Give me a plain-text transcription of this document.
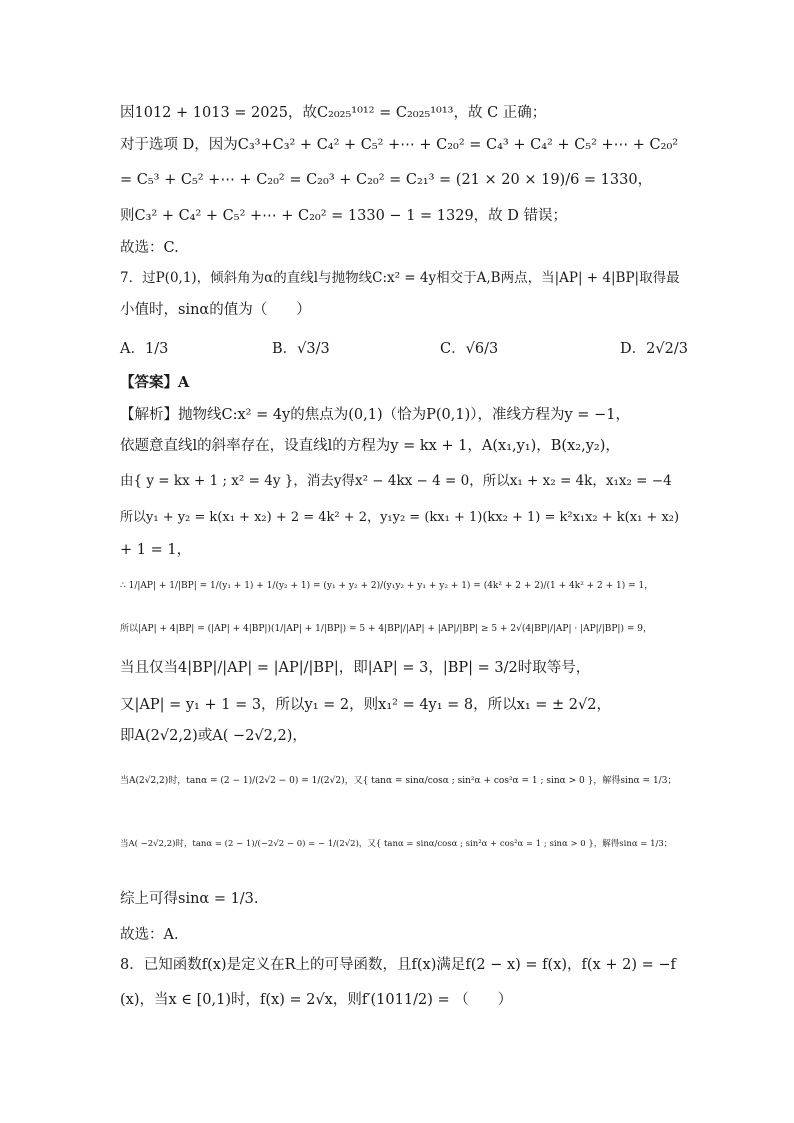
因1012 + 1013 = 2025，故C₂₀₂₅¹⁰¹² = C₂₀₂₅¹⁰¹³，故 C 正确；
对于选项 D，因为C₃³+C₃² + C₄² + C₅² +⋯ + C₂₀² = C₄³ + C₄² + C₅² +⋯ + C₂₀²
= C₅³ + C₅² +⋯ + C₂₀² = C₂₀³ + C₂₀² = C₂₁³ = (21 × 20 × 19)/6 = 1330，
则C₃² + C₄² + C₅² +⋯ + C₂₀² = 1330 − 1 = 1329，故 D 错误；
故选：C.
7．过P(0,1)，倾斜角为α的直线l与抛物线C:x² = 4y相交于A,B两点，当|AP| + 4|BP|取得最
小值时，sinα的值为（　　）
A．1/3	B．√3/3	C．√6/3	D．2√2/3
【答案】A
【解析】抛物线C:x² = 4y的焦点为(0,1)（恰为P(0,1)），准线方程为y = −1，
依题意直线l的斜率存在，设直线l的方程为y = kx + 1，A(x₁,y₁)，B(x₂,y₂)，
由{ y = kx + 1 ; x² = 4y }，消去y得x² − 4kx − 4 = 0，所以x₁ + x₂ = 4k，x₁x₂ = −4
所以y₁ + y₂ = k(x₁ + x₂) + 2 = 4k² + 2，y₁y₂ = (kx₁ + 1)(kx₂ + 1) = k²x₁x₂ + k(x₁ + x₂)
+ 1 = 1，
∴ 1/|AP| + 1/|BP| = 1/(y₁ + 1) + 1/(y₂ + 1) = (y₁ + y₂ + 2)/(y₁y₂ + y₁ + y₂ + 1) = (4k² + 2 + 2)/(1 + 4k² + 2 + 1) = 1，
所以|AP| + 4|BP| = (|AP| + 4|BP|)(1/|AP| + 1/|BP|) = 5 + 4|BP|/|AP| + |AP|/|BP| ≥ 5 + 2√(4|BP|/|AP| · |AP|/|BP|) = 9，
当且仅当4|BP|/|AP| = |AP|/|BP|，即|AP| = 3，|BP| = 3/2时取等号，
又|AP| = y₁ + 1 = 3，所以y₁ = 2，则x₁² = 4y₁ = 8，所以x₁ = ± 2√2，
即A(2√2,2)或A( −2√2,2)，
当A(2√2,2)时，tanα = (2 − 1)/(2√2 − 0) = 1/(2√2)，又{ tanα = sinα/cosα ; sin²α + cos²α = 1 ; sinα > 0 }，解得sinα = 1/3；
当A( −2√2,2)时，tanα = (2 − 1)/(−2√2 − 0) = − 1/(2√2)，又{ tanα = sinα/cosα ; sin²α + cos²α = 1 ; sinα > 0 }，解得sinα = 1/3；
综上可得sinα = 1/3.
故选：A.
8．已知函数f(x)是定义在R上的可导函数，且f(x)满足f(2 − x) = f(x)，f(x + 2) = −f
(x)，当x ∈ [0,1)时，f(x) = 2√x，则f′(1011/2) = （　　）
